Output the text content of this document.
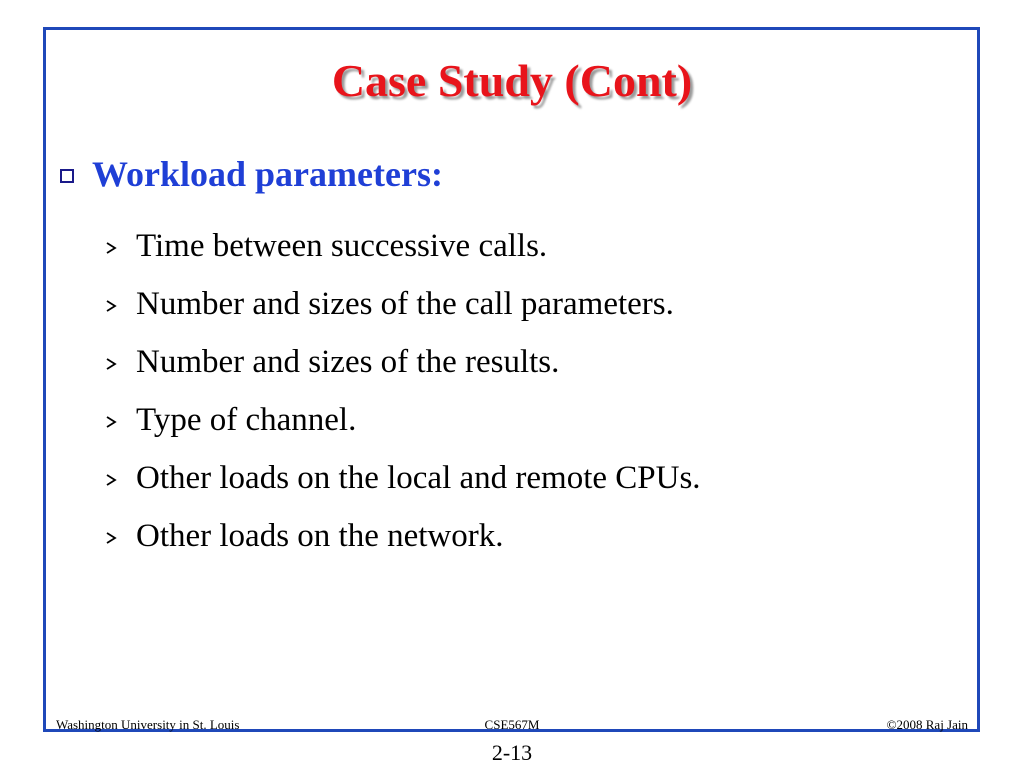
Case Study (Cont)
Workload parameters:
Time between successive calls.
Number and sizes of the call parameters.
Number and sizes of the results.
Type of channel.
Other loads on the local and remote CPUs.
Other loads on the network.
Washington University in St. Louis	CSE567M	©2008 Raj Jain
2-13
